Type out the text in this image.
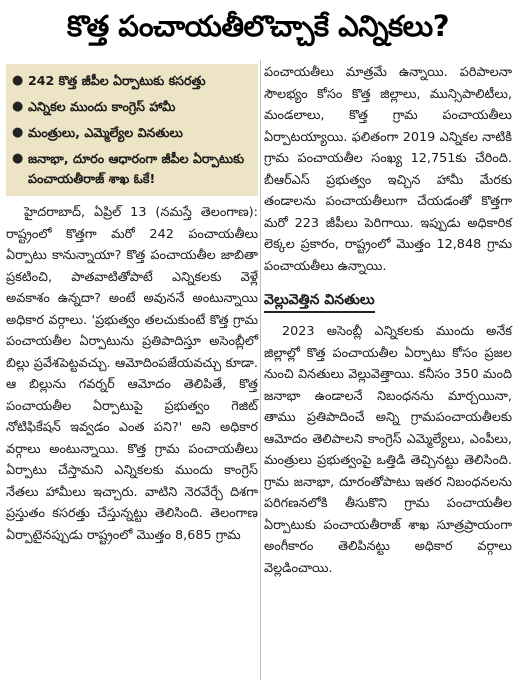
కొత్త పంచాయతీలొచ్చాకే ఎన్నికలు?
● 242 కొత్త జీపీల ఏర్పాటుకు కసరత్తు
● ఎన్నికల ముందు కాంగ్రెస్ హామీ
● మంత్రులు, ఎమ్మెల్యేల వినతులు
● జనాభా, దూరం ఆధారంగా జీపీల ఏర్పాటుకు పంచాయతీరాజ్ శాఖ ఓకే!

హైదరాబాద్, ఏప్రిల్ 13 (నమస్తే తెలంగాణ): రాష్ట్రంలో కొత్తగా మరో 242 పంచాయతీలు ఏర్పాటు కానున్నాయా? కొత్త పంచాయతీల జాబితా ప్రకటించి, పాతవాటితోపాటే ఎన్నికలకు వెళ్లే అవకాశం ఉన్నదా? అంటే అవుననే అంటున్నాయి అధికార వర్గాలు. 'ప్రభుత్వం తలచుకుంటే కొత్త గ్రామ పంచాయతీల ఏర్పాటును ప్రతిపాదిస్తూ అసెంబ్లీలో బిల్లు ప్రవేశపెట్టవచ్చు. ఆమోదింపజేయవచ్చు కూడా. ఆ బిల్లును గవర్నర్ ఆమోదం తెలిపితే, కొత్త పంచాయతీల ఏర్పాటుపై ప్రభుత్వం గెజిట్ నోటిఫికేషన్ ఇవ్వడం ఎంత పని?' అని అధికార వర్గాలు అంటున్నాయి. కొత్త గ్రామ పంచాయతీలు ఏర్పాటు చేస్తామని ఎన్నికలకు ముందు కాంగ్రెస్ నేతలు హామీలు ఇచ్చారు. వాటిని నెరవేర్చే దిశగా ప్రస్తుతం కసరత్తు చేస్తున్నట్టు తెలిసింది. తెలంగాణ ఏర్పాటైనప్పుడు రాష్ట్రంలో మొత్తం 8,685 గ్రామ

పంచాయతీలు మాత్రమే ఉన్నాయి. పరిపాలనా సౌలభ్యం కోసం కొత్త జిల్లాలు, మున్సిపాలిటీలు, మండలాలు, కొత్త గ్రామ పంచాయతీలు ఏర్పాటయ్యాయి. ఫలితంగా 2019 ఎన్నికల నాటికి గ్రామ పంచాయతీల సంఖ్య 12,751కు చేరింది. బీఆర్ఎస్ ప్రభుత్వం ఇచ్చిన హామీ మేరకు తండాలను పంచాయతీలుగా చేయడంతో కొత్తగా మరో 223 జీపీలు పెరిగాయి. ఇప్పుడు అధికారిక లెక్కల ప్రకారం, రాష్ట్రంలో మొత్తం 12,848 గ్రామ పంచాయతీలు ఉన్నాయి.

వెల్లువెత్తిన వినతులు

2023 అసెంబ్లీ ఎన్నికలకు ముందు అనేక జిల్లాల్లో కొత్త పంచాయతీల ఏర్పాటు కోసం ప్రజల నుంచి వినతులు వెల్లువెత్తాయి. కనీసం 350 మంది జనాభా ఉండాలనే నిబంధనను మార్చయినా, తాము ప్రతిపాదించే అన్ని గ్రామపంచాయతీలకు ఆమోదం తెలిపాలని కాంగ్రెస్ ఎమ్మెల్యేలు, ఎంపీలు, మంత్రులు ప్రభుత్వంపై ఒత్తిడి తెచ్చినట్టు తెలిసింది. గ్రామ జనాభా, దూరంతోపాటు ఇతర నిబంధనలను పరిగణనలోకి తీసుకొని గ్రామ పంచాయతీల ఏర్పాటుకు పంచాయతీరాజ్ శాఖ సూత్రప్రాయంగా అంగీకారం తెలిపినట్టు అధికార వర్గాలు వెల్లడించాయి.
